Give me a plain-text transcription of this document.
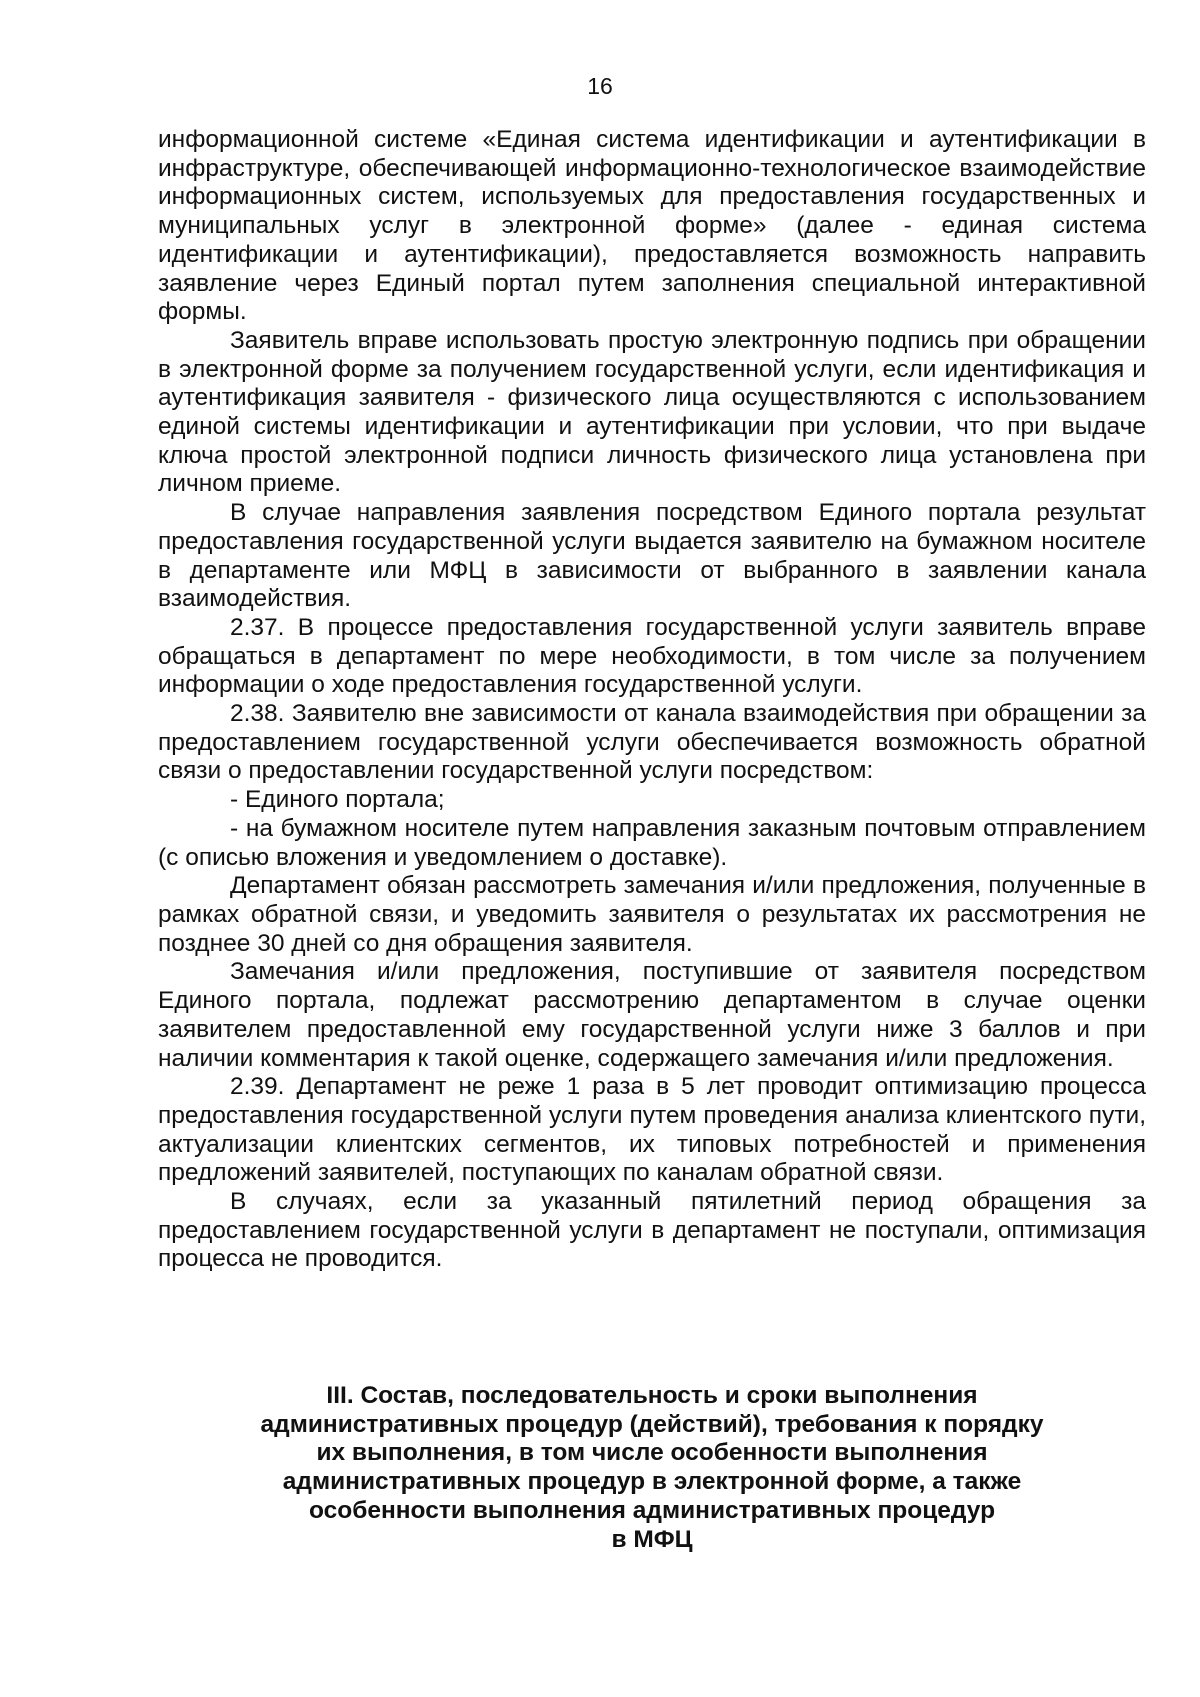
16

информационной системе «Единая система идентификации и аутентификации в инфраструктуре, обеспечивающей информационно-технологическое взаимодействие информационных систем, используемых для предоставления государственных и муниципальных услуг в электронной форме» (далее - единая система идентификации и аутентификации), предоставляется возможность направить заявление через Единый портал путем заполнения специальной интерактивной формы.

Заявитель вправе использовать простую электронную подпись при обращении в электронной форме за получением государственной услуги, если идентификация и аутентификация заявителя - физического лица осуществляются с использованием единой системы идентификации и аутентификации при условии, что при выдаче ключа простой электронной подписи личность физического лица установлена при личном приеме.

В случае направления заявления посредством Единого портала результат предоставления государственной услуги выдается заявителю на бумажном носителе в департаменте или МФЦ в зависимости от выбранного в заявлении канала взаимодействия.

2.37. В процессе предоставления государственной услуги заявитель вправе обращаться в департамент по мере необходимости, в том числе за получением информации о ходе предоставления государственной услуги.

2.38. Заявителю вне зависимости от канала взаимодействия при обращении за предоставлением государственной услуги обеспечивается возможность обратной связи о предоставлении государственной услуги посредством:

- Единого портала;

- на бумажном носителе путем направления заказным почтовым отправлением (с описью вложения и уведомлением о доставке).

Департамент обязан рассмотреть замечания и/или предложения, полученные в рамках обратной связи, и уведомить заявителя о результатах их рассмотрения не позднее 30 дней со дня обращения заявителя.

Замечания и/или предложения, поступившие от заявителя посредством Единого портала, подлежат рассмотрению департаментом в случае оценки заявителем предоставленной ему государственной услуги ниже 3 баллов и при наличии комментария к такой оценке, содержащего замечания и/или предложения.

2.39. Департамент не реже 1 раза в 5 лет проводит оптимизацию процесса предоставления государственной услуги путем проведения анализа клиентского пути, актуализации клиентских сегментов, их типовых потребностей и применения предложений заявителей, поступающих по каналам обратной связи.

В случаях, если за указанный пятилетний период обращения за предоставлением государственной услуги в департамент не поступали, оптимизация процесса не проводится.

III. Состав, последовательность и сроки выполнения
административных процедур (действий), требования к порядку
их выполнения, в том числе особенности выполнения
административных процедур в электронной форме, а также
особенности выполнения административных процедур
в МФЦ
